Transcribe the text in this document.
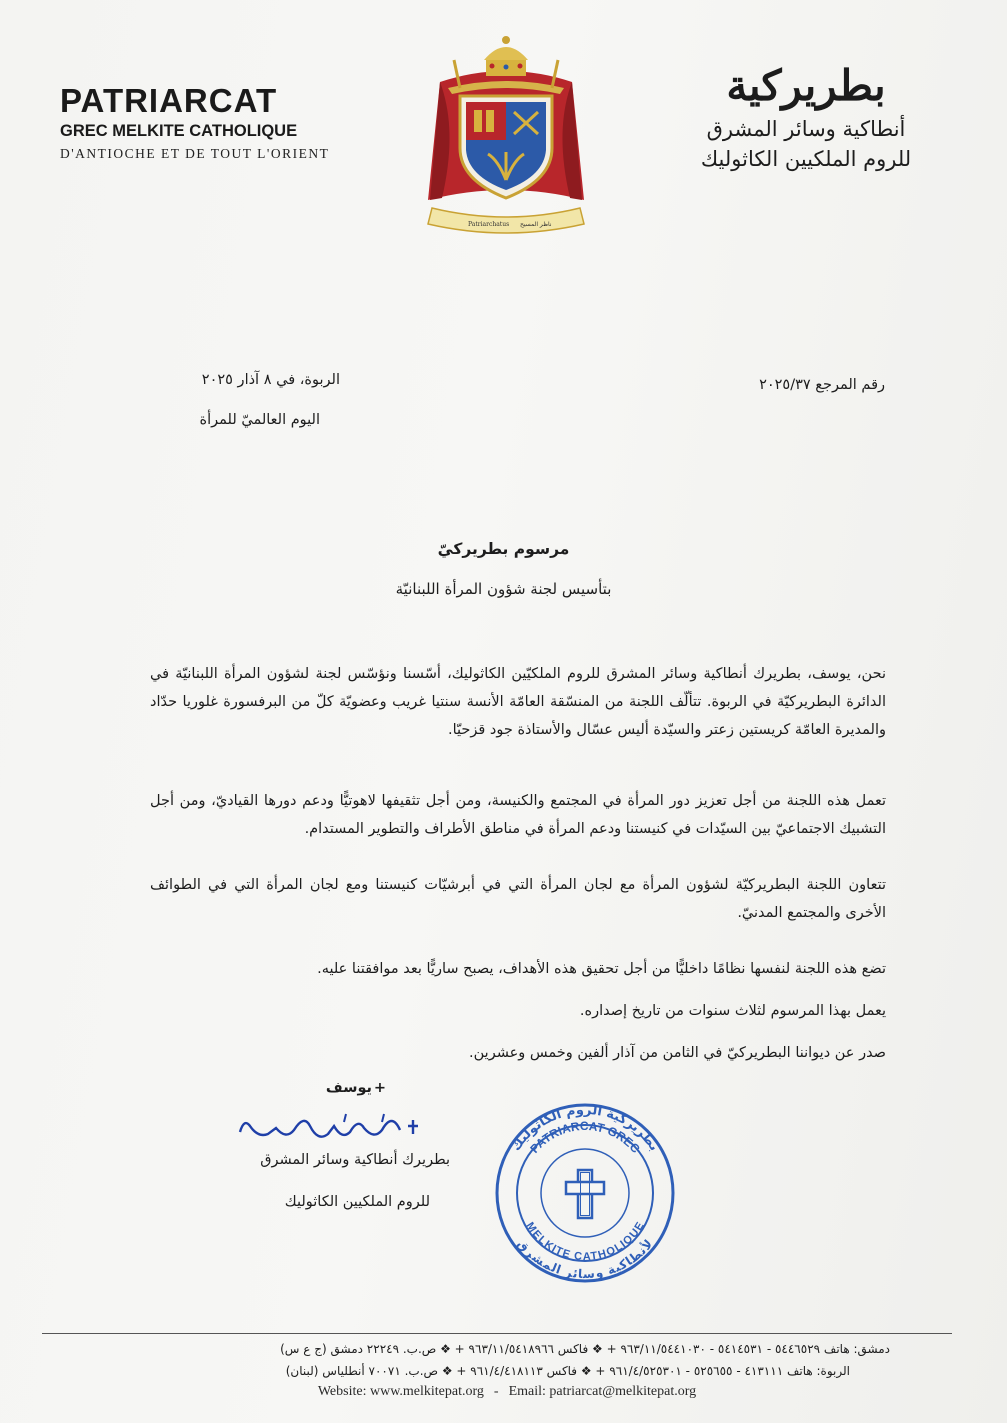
PATRIARCAT
GREC MELKITE CATHOLIQUE
D'ANTIOCHE ET DE TOUT L'ORIENT
Patriarchatus ناظر المسيح
بطريركية
أنطاكية وسائر المشرق
للروم الملكيين الكاثوليك
رقم المرجع ٢٠٢٥/٣٧
الربوة، في ٨ آذار ٢٠٢٥
اليوم العالميّ للمرأة
مرسوم بطريركيّ
بتأسيس لجنة شؤون المرأة اللبنانيّة

نحن، يوسف، بطريرك أنطاكية وسائر المشرق للروم الملكيّين الكاثوليك، أسّسنا ونؤسّس لجنة لشؤون المرأة اللبنانيّة في الدائرة البطريركيّة في الربوة. تتألّف اللجنة من المنسّقة العامّة الأنسة سنتيا غريب وعضويّة كلّ من البرفسورة غلوريا حدّاد والمديرة العامّة كريستين زعتر والسيّدة أليس عسّال والأستاذة جود قزحيّا.

تعمل هذه اللجنة من أجل تعزيز دور المرأة في المجتمع والكنيسة، ومن أجل تثقيفها لاهوتيًّا ودعم دورها القياديّ، ومن أجل التشبيك الاجتماعيّ بين السيّدات في كنيستنا ودعم المرأة في مناطق الأطراف والتطوير المستدام.

تتعاون اللجنة البطريركيّة لشؤون المرأة مع لجان المرأة التي في أبرشيّات كنيستنا ومع لجان المرأة التي في الطوائف الأخرى والمجتمع المدنيّ.

تضع هذه اللجنة لنفسها نظامًا داخليًّا من أجل تحقيق هذه الأهداف، يصبح ساريًّا بعد موافقتنا عليه.

يعمل بهذا المرسوم لثلاث سنوات من تاريخ إصداره.

صدر عن ديواننا البطريركيّ في الثامن من آذار ألفين وخمس وعشرين.

+
يوسف
بطريرك أنطاكية وسائر المشرق
للروم الملكيين الكاثوليك
بطريركية الروم الكاثوليك
PATRIARCAT GREC
MELKITE CATHOLIQUE
لأنطاكية وسائر المشرق
دمشق: هاتف ٥٤٤٦٥٢٩ - ٥٤١٤٥٣١ - ٩٦٣/١١/٥٤٤١٠٣٠ + ❖ فاكس ٩٦٣/١١/٥٤١٨٩٦٦ + ❖ ص.ب. ٢٢٢٤٩ دمشق (ج ع س)
الربوة: هاتف ٤١٣١١١ - ٥٢٥٦٥٥ - ٩٦١/٤/٥٢٥٣٠١ + ❖ فاكس ٩٦١/٤/٤١٨١١٣ + ❖ ص.ب. ٧٠٠٧١ أنطلياس (لبنان)
Website: www.melkitepat.org - Email: patriarcat@melkitepat.org
